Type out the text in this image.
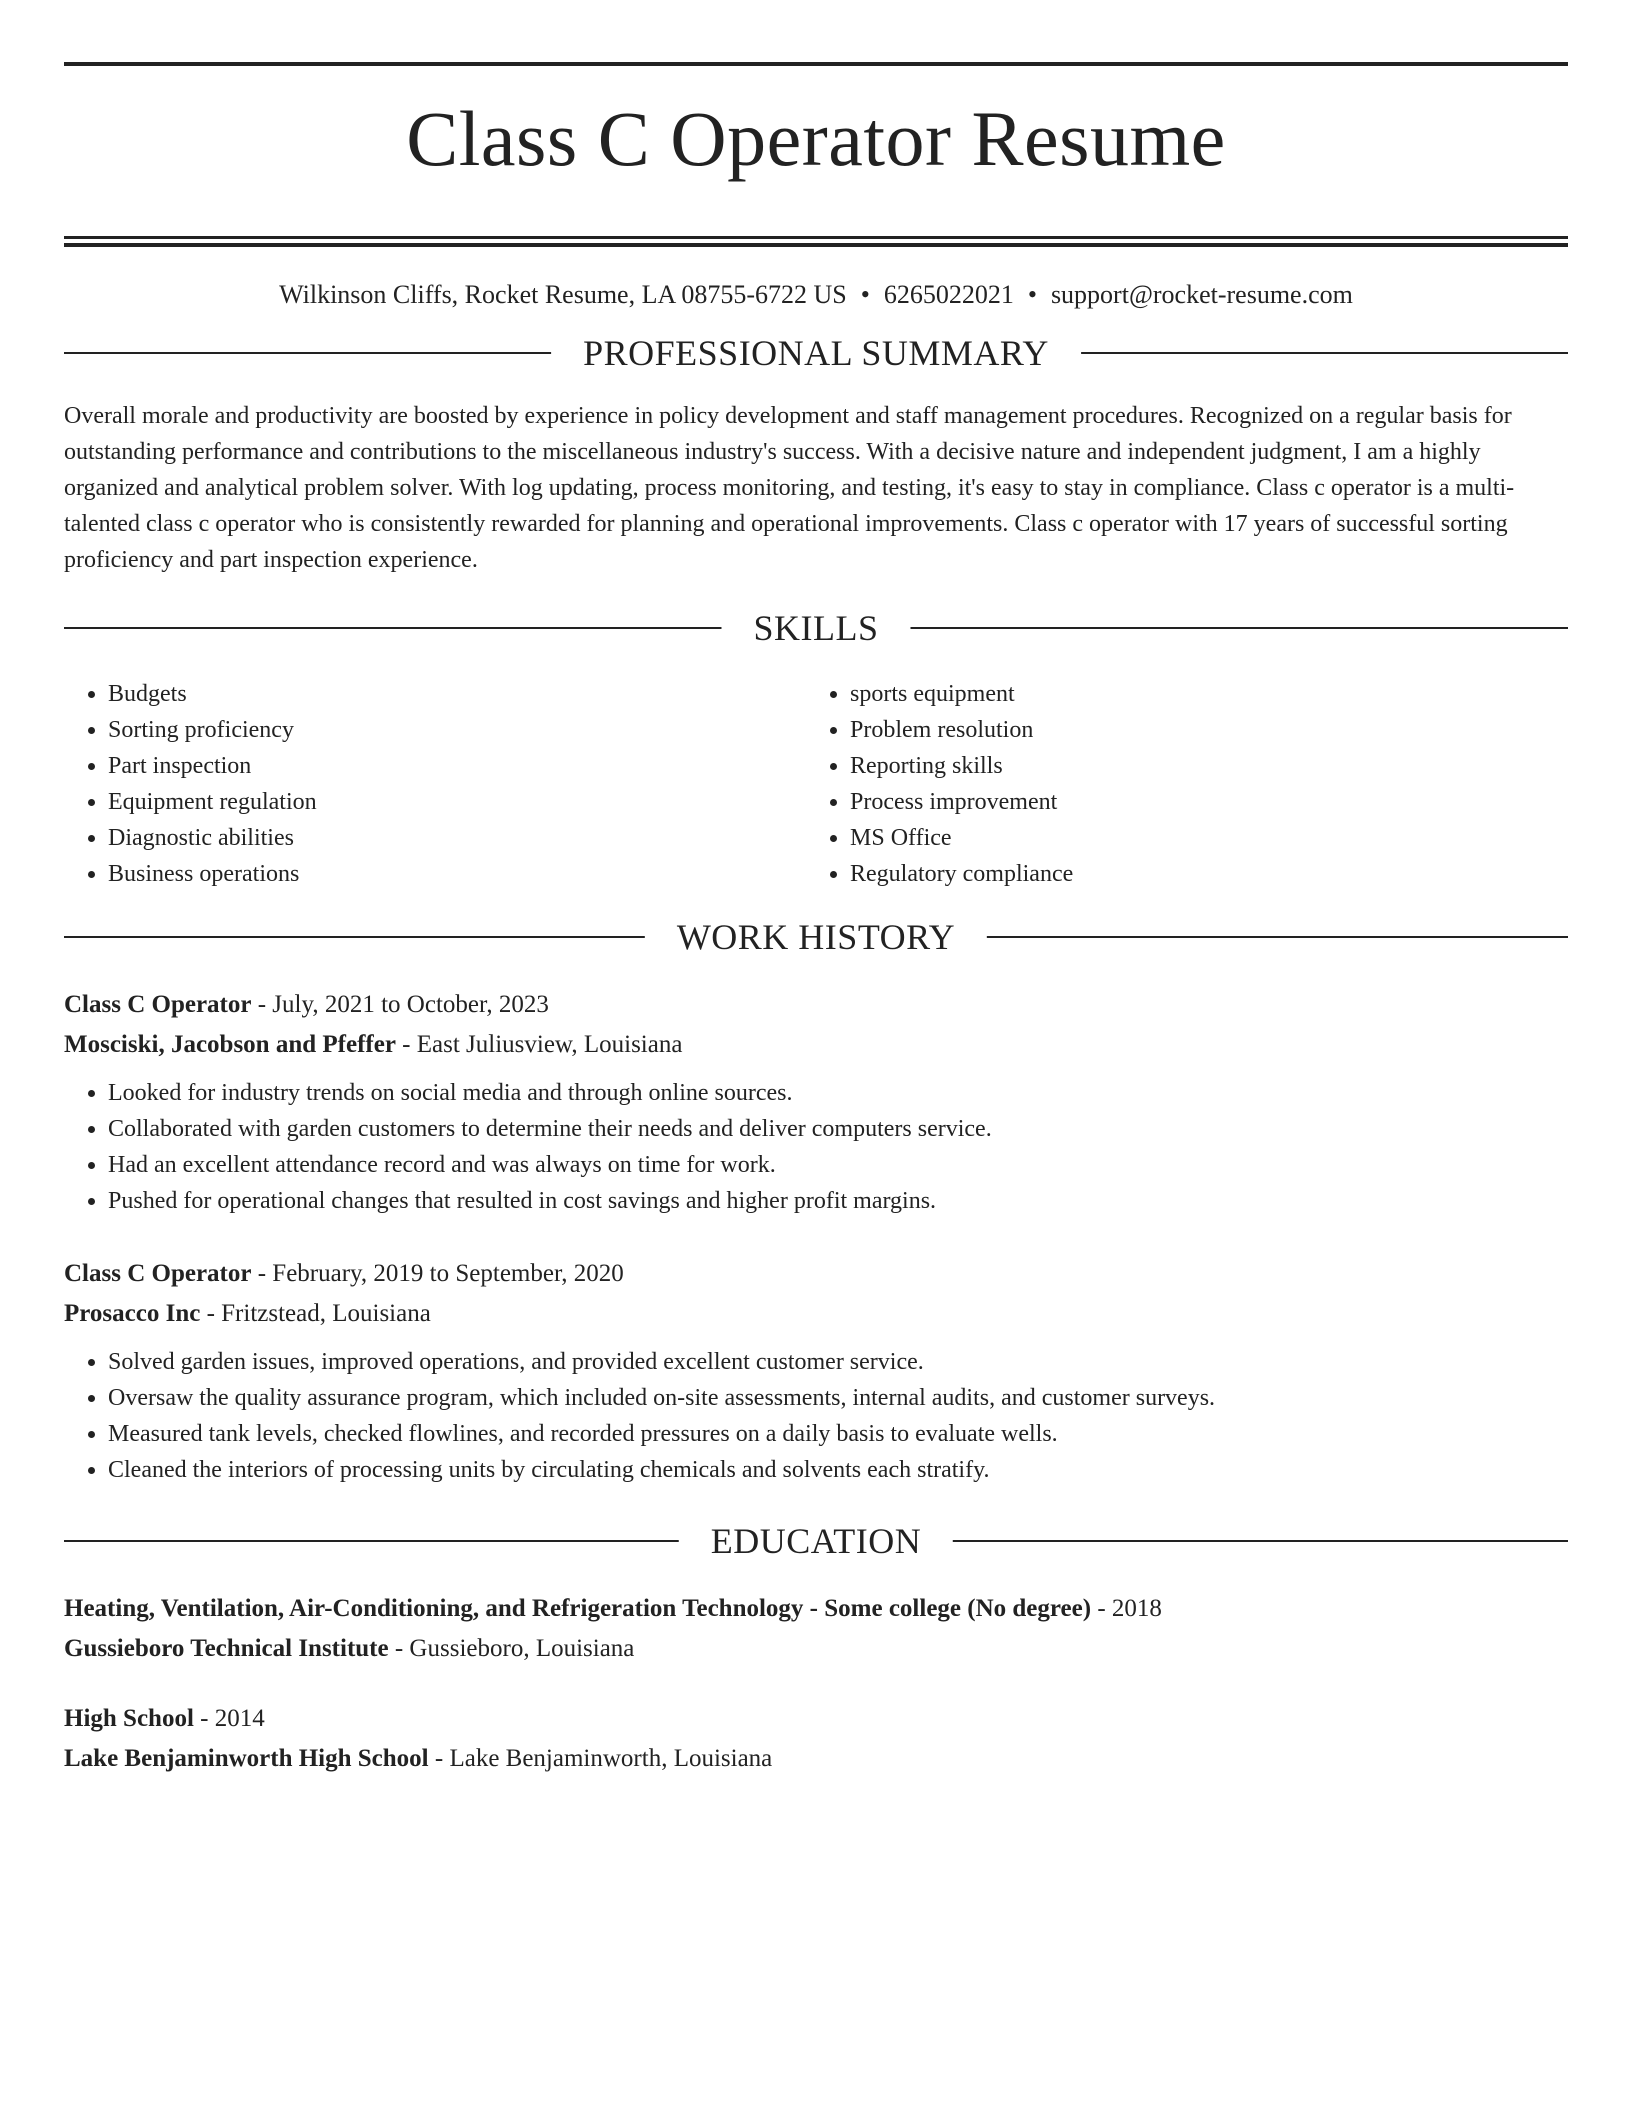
Class C Operator Resume
Wilkinson Cliffs, Rocket Resume, LA 08755-6722 US • 6265022021 • support@rocket-resume.com
PROFESSIONAL SUMMARY

Overall morale and productivity are boosted by experience in policy development and staff management procedures. Recognized on a regular basis for outstanding performance and contributions to the miscellaneous industry's success. With a decisive nature and independent judgment, I am a highly organized and analytical problem solver. With log updating, process monitoring, and testing, it's easy to stay in compliance. Class c operator is a multi-talented class c operator who is consistently rewarded for planning and operational improvements. Class c operator with 17 years of successful sorting proficiency and part inspection experience.

SKILLS
• Budgets
• Sorting proficiency
• Part inspection
• Equipment regulation
• Diagnostic abilities
• Business operations
• sports equipment
• Problem resolution
• Reporting skills
• Process improvement
• MS Office
• Regulatory compliance
WORK HISTORY
Class C Operator - July, 2021 to October, 2023
Mosciski, Jacobson and Pfeffer - East Juliusview, Louisiana
• Looked for industry trends on social media and through online sources.
• Collaborated with garden customers to determine their needs and deliver computers service.
• Had an excellent attendance record and was always on time for work.
• Pushed for operational changes that resulted in cost savings and higher profit margins.
Class C Operator - February, 2019 to September, 2020
Prosacco Inc - Fritzstead, Louisiana
• Solved garden issues, improved operations, and provided excellent customer service.
• Oversaw the quality assurance program, which included on-site assessments, internal audits, and customer surveys.
• Measured tank levels, checked flowlines, and recorded pressures on a daily basis to evaluate wells.
• Cleaned the interiors of processing units by circulating chemicals and solvents each stratify.
EDUCATION
Heating, Ventilation, Air-Conditioning, and Refrigeration Technology - Some college (No degree) - 2018
Gussieboro Technical Institute - Gussieboro, Louisiana
High School - 2014
Lake Benjaminworth High School - Lake Benjaminworth, Louisiana
